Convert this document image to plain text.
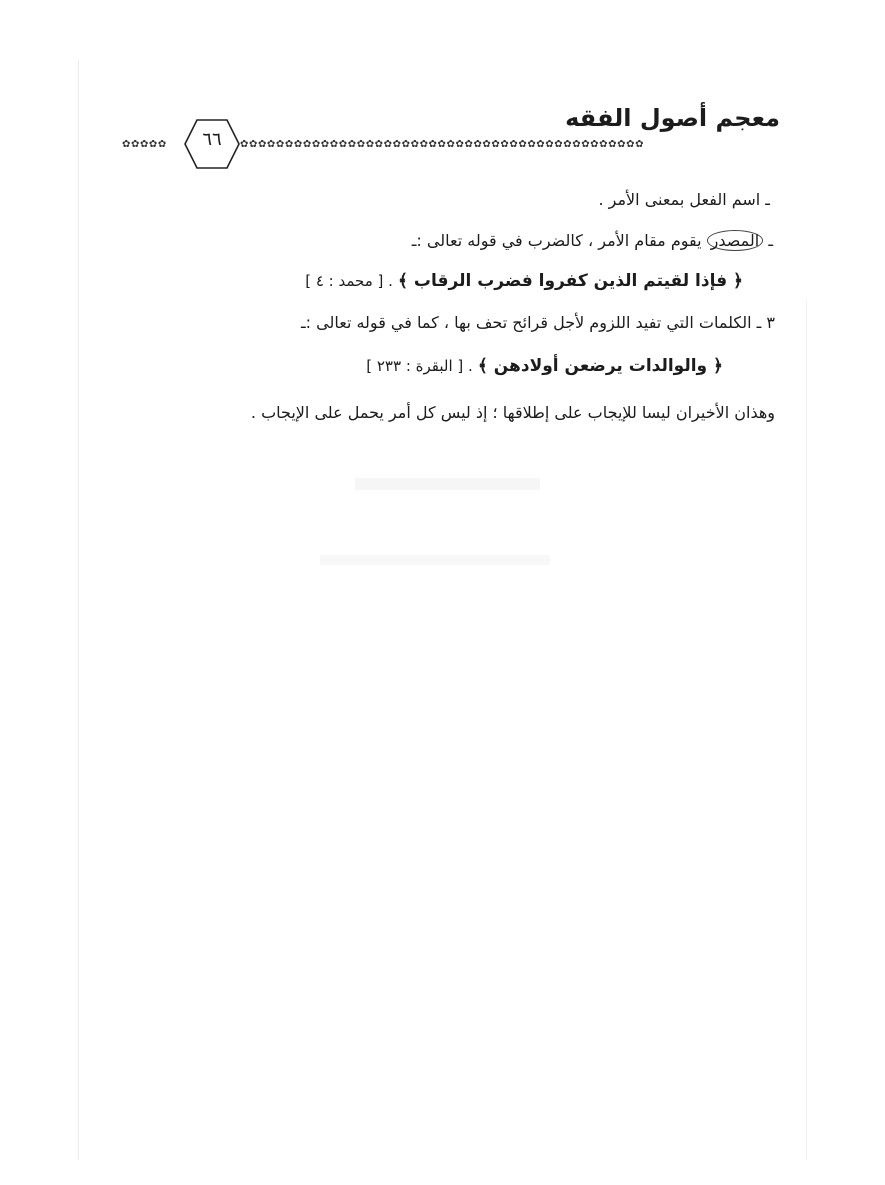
معجم أصول الفقه
✿✿✿✿✿	✿✿✿✿✿✿✿✿✿✿✿✿✿✿✿✿✿✿✿✿✿✿✿✿✿✿✿✿✿✿✿✿✿✿✿✿✿✿✿✿✿✿✿✿✿
٦٦
ـ اسم الفعل بمعنى الأمر .
ـ المصدر يقوم مقام الأمر ، كالضرب في قوله تعالى :ـ
﴿ فإذا لقيتم الذين كفروا فضرب الرقاب ﴾ . [ محمد : ٤ ]
٣ ـ الكلمات التي تفيد اللزوم لأجل قرائح تحف بها ، كما في قوله تعالى :ـ
﴿ والوالدات يرضعن أولادهن ﴾ . [ البقرة : ٢٣٣ ]
وهذان الأخيران ليسا للإيجاب على إطلاقها ؛ إذ ليس كل أمر يحمل على الإيجاب .
